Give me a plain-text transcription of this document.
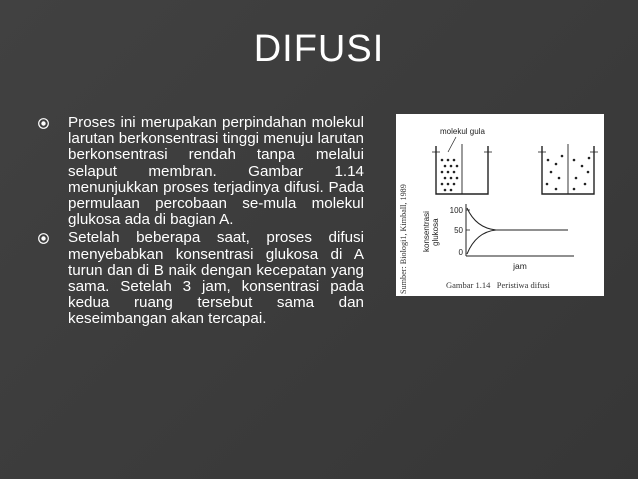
DIFUSI
Proses ini merupakan perpindahan molekul larutan berkonsentrasi tinggi menuju larutan berkonsentrasi rendah tanpa melalui selaput membran. Gambar 1.14 menunjukkan proses terjadinya difusi. Pada permulaan percobaan se-mula molekul glukosa ada di bagian A.
Setelah beberapa saat, proses difusi menyebabkan konsentrasi glukosa di A turun dan di B naik dengan kecepatan yang sama. Setelah 3 jam, konsentrasi pada kedua ruang tersebut sama dan keseimbangan akan tercapai.
Sumber: Biologi1, Kimball, 1989
molekul gula
konsentrasi glukosa
100
50
0
jam
Gambar 1.14   Peristiwa difusi
